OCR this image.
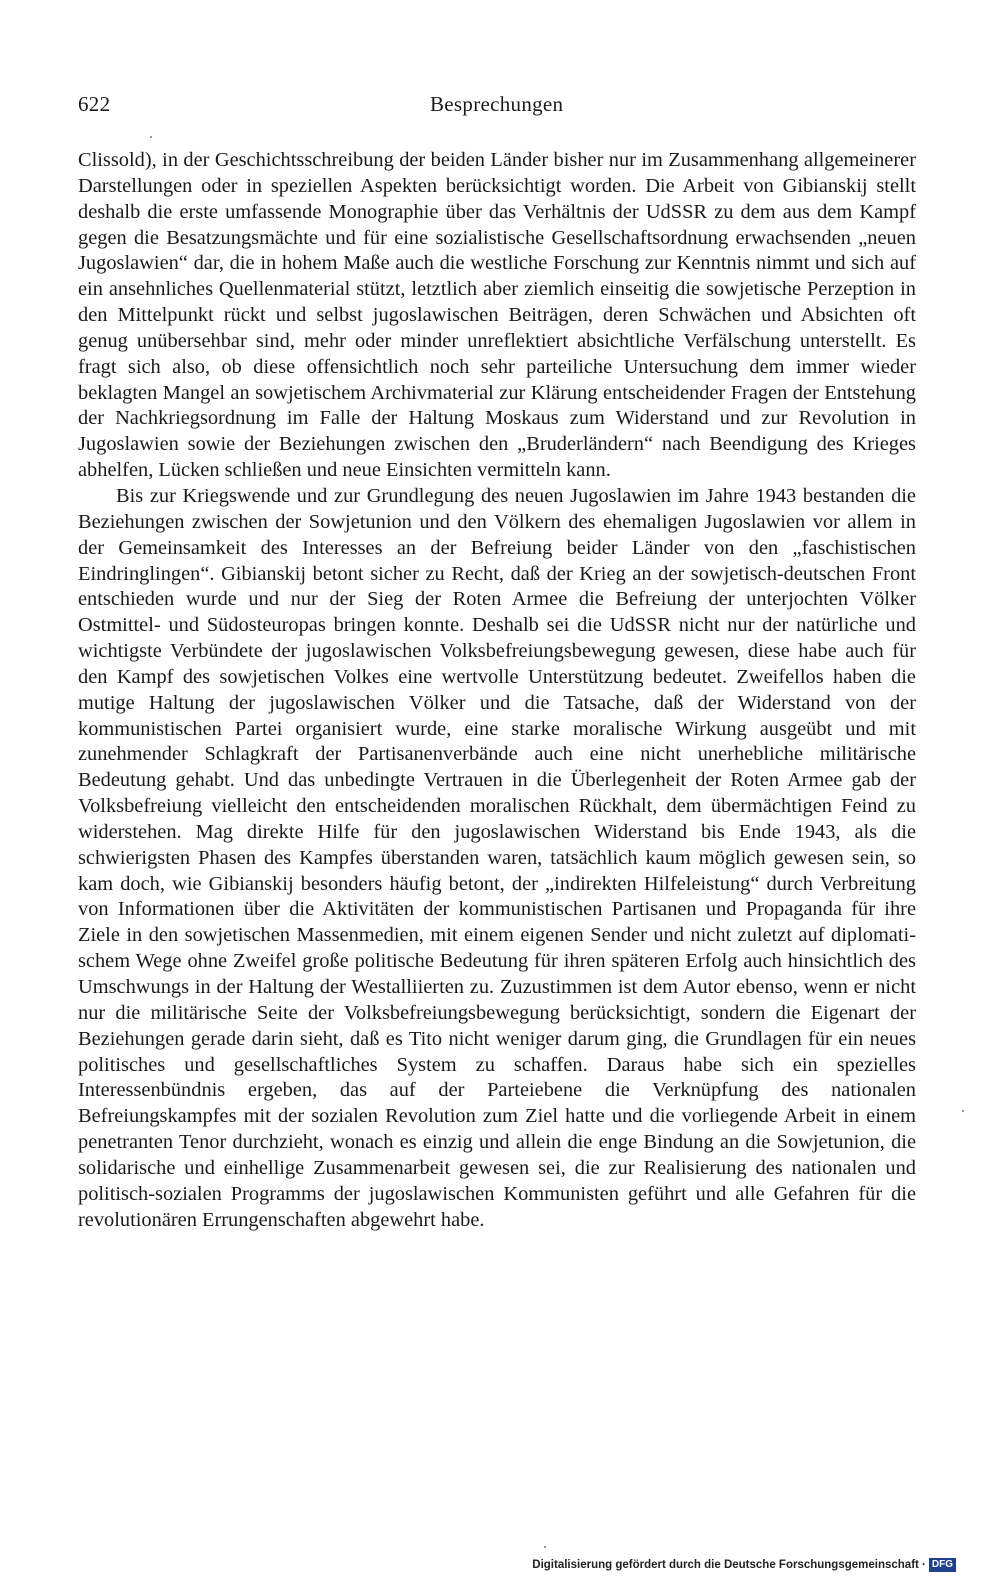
622	Besprechungen

Clissold), in der Geschichtsschreibung der beiden Länder bisher nur im Zusammenhang allgemeinerer Darstellungen oder in speziellen Aspekten berücksichtigt worden. Die Arbeit von Gibianskij stellt deshalb die erste umfassende Monographie über das Verhältnis der UdSSR zu dem aus dem Kampf gegen die Besatzungsmächte und für eine sozialistische Gesellschaftsordnung erwachsenden „neuen Jugoslawien“ dar, die in hohem Maße auch die westliche Forschung zur Kenntnis nimmt und sich auf ein ansehnliches Quellenmaterial stützt, letztlich aber ziemlich einseitig die sowjetische Perzeption in den Mittelpunkt rückt und selbst jugoslawischen Beiträgen, deren Schwächen und Absichten oft genug unübersehbar sind, mehr oder minder unreflektiert absichtliche Verfälschung unterstellt. Es fragt sich also, ob diese offensichtlich noch sehr parteiliche Untersuchung dem immer wieder beklagten Mangel an sowjetischem Archivmaterial zur Klärung entscheidender Fragen der Entstehung der Nachkriegsordnung im Falle der Haltung Moskaus zum Widerstand und zur Revolution in Jugoslawien sowie der Beziehungen zwischen den „Bruderländern“ nach Beendigung des Krieges abhelfen, Lücken schließen und neue Einsichten vermitteln kann.

Bis zur Kriegswende und zur Grundlegung des neuen Jugoslawien im Jahre 1943 bestanden die Beziehungen zwischen der Sowjetunion und den Völkern des ehemaligen Jugoslawien vor allem in der Gemeinsamkeit des Interesses an der Befreiung beider Länder von den „faschistischen Eindringlingen“. Gibianskij betont sicher zu Recht, daß der Krieg an der sowjetisch-deutschen Front entschieden wurde und nur der Sieg der Roten Armee die Befreiung der unterjochten Völker Ostmittel- und Südosteuropas bringen konnte. Deshalb sei die UdSSR nicht nur der natürliche und wichtigste Verbündete der jugoslawischen Volksbefreiungsbewegung gewesen, diese habe auch für den Kampf des sowjetischen Volkes eine wertvolle Unterstützung bedeutet. Zweifellos haben die mutige Haltung der jugoslawischen Völker und die Tatsache, daß der Widerstand von der kommunistischen Partei organisiert wurde, eine starke moralische Wirkung ausgeübt und mit zunehmender Schlagkraft der Partisanenverbände auch eine nicht unerhebliche militärische Bedeutung gehabt. Und das unbedingte Vertrauen in die Überlegenheit der Roten Armee gab der Volksbefreiung vielleicht den entscheidenden moralischen Rückhalt, dem übermächtigen Feind zu widerstehen. Mag direkte Hilfe für den jugoslawischen Widerstand bis Ende 1943, als die schwierigsten Phasen des Kampfes überstanden waren, tatsächlich kaum möglich gewesen sein, so kam doch, wie Gibianskij besonders häufig betont, der „indirekten Hilfeleistung“ durch Verbreitung von Informationen über die Aktivitäten der kommunistischen Partisanen und Propaganda für ihre Ziele in den sowjetischen Massenmedien, mit einem eigenen Sender und nicht zuletzt auf diplomatischem Wege ohne Zweifel große politische Bedeutung für ihren späteren Erfolg auch hinsichtlich des Umschwungs in der Haltung der Westalliierten zu. Zuzustimmen ist dem Autor ebenso, wenn er nicht nur die militärische Seite der Volksbefreiungsbewegung berücksichtigt, sondern die Eigenart der Beziehungen gerade darin sieht, daß es Tito nicht weniger darum ging, die Grundlagen für ein neues politisches und gesellschaftliches System zu schaffen. Daraus habe sich ein spezielles Interessenbündnis ergeben, das auf der Parteiebene die Verknüpfung des nationalen Befreiungskampfes mit der sozialen Revolution zum Ziel hatte und die vorliegende Arbeit in einem penetranten Tenor durchzieht, wonach es einzig und allein die enge Bindung an die Sowjetunion, die solidarische und einhellige Zusammenarbeit gewesen sei, die zur Realisierung des nationalen und politisch-sozialen Programms der jugoslawischen Kommunisten geführt und alle Gefahren für die revolutionären Errungenschaften abgewehrt habe.

Digitalisierung gefördert durch die Deutsche Forschungsgemeinschaft · DFG
